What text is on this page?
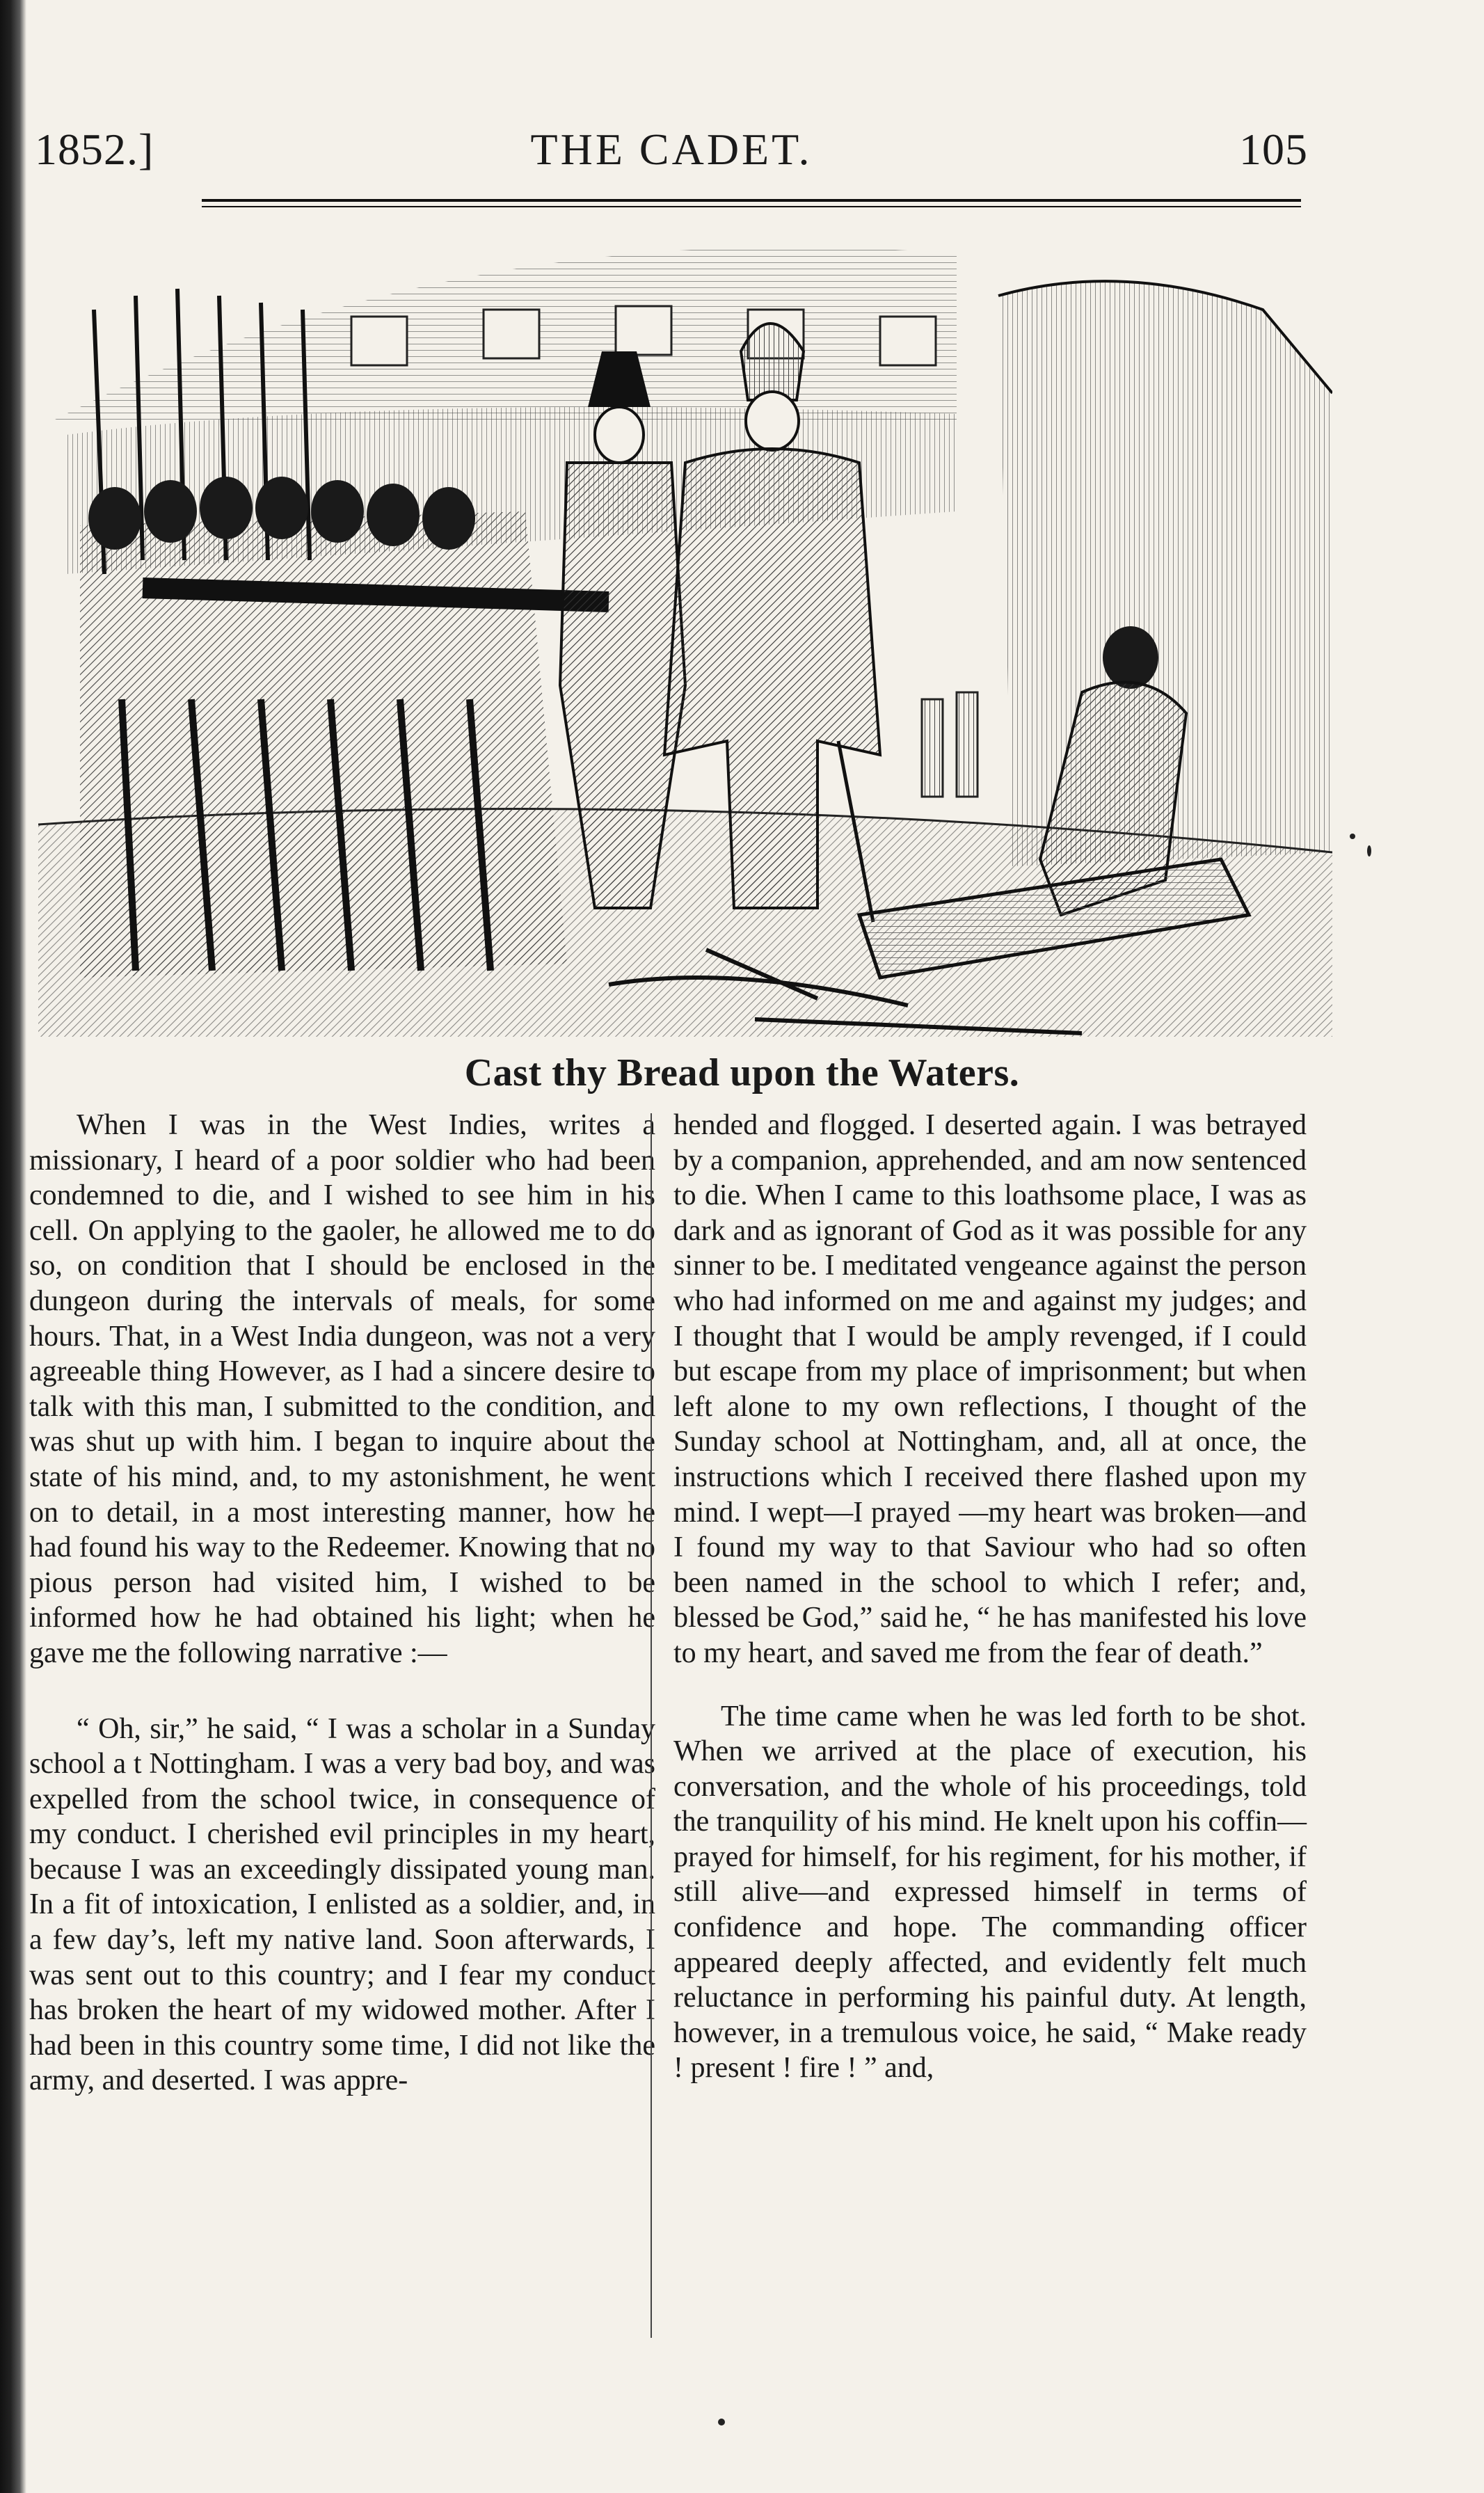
1852.]	THE CADET.	105
Cast thy Bread upon the Waters.

When I was in the West Indies, writes a missionary, I heard of a poor soldier who had been condemned to die, and I wished to see him in his cell. On applying to the gaoler, he allowed me to do so, on condition that I should be enclosed in the dungeon during the intervals of meals, for some hours. That, in a West India dungeon, was not a very agreeable thing However, as I had a sincere desire to talk with this man, I submitted to the condition, and was shut up with him. I began to inquire about the state of his mind, and, to my astonishment, he went on to detail, in a most interesting manner, how he had found his way to the Redeemer. Knowing that no pious person had visited him, I wished to be informed how he had obtained his light; when he gave me the following narrative :—

“ Oh, sir,” he said, “ I was a scholar in a Sunday school a t Nottingham. I was a very bad boy, and was expelled from the school twice, in consequence of my conduct. I cherished evil principles in my heart, because I was an exceedingly dissipated young man. In a fit of intoxication, I enlisted as a soldier, and, in a few day’s, left my native land. Soon afterwards, I was sent out to this country; and I fear my conduct has broken the heart of my widowed mother. After I had been in this country some time, I did not like the army, and deserted. I was appre-

hended and flogged. I deserted again. I was betrayed by a companion, apprehended, and am now sentenced to die. When I came to this loathsome place, I was as dark and as ignorant of God as it was possible for any sinner to be. I meditated vengeance against the person who had informed on me and against my judges; and I thought that I would be amply revenged, if I could but escape from my place of imprisonment; but when left alone to my own reflections, I thought of the Sunday school at Nottingham, and, all at once, the instructions which I received there flashed upon my mind. I wept—I prayed —my heart was broken—and I found my way to that Saviour who had so often been named in the school to which I refer; and, blessed be God,” said he, “ he has manifested his love to my heart, and saved me from the fear of death.”

The time came when he was led forth to be shot. When we arrived at the place of execution, his conversation, and the whole of his proceedings, told the tranquility of his mind. He knelt upon his coffin—prayed for himself, for his regiment, for his mother, if still alive—and expressed himself in terms of confidence and hope. The commanding officer appeared deeply affected, and evidently felt much reluctance in performing his painful duty. At length, however, in a tremulous voice, he said, “ Make ready ! present ! fire ! ” and,
